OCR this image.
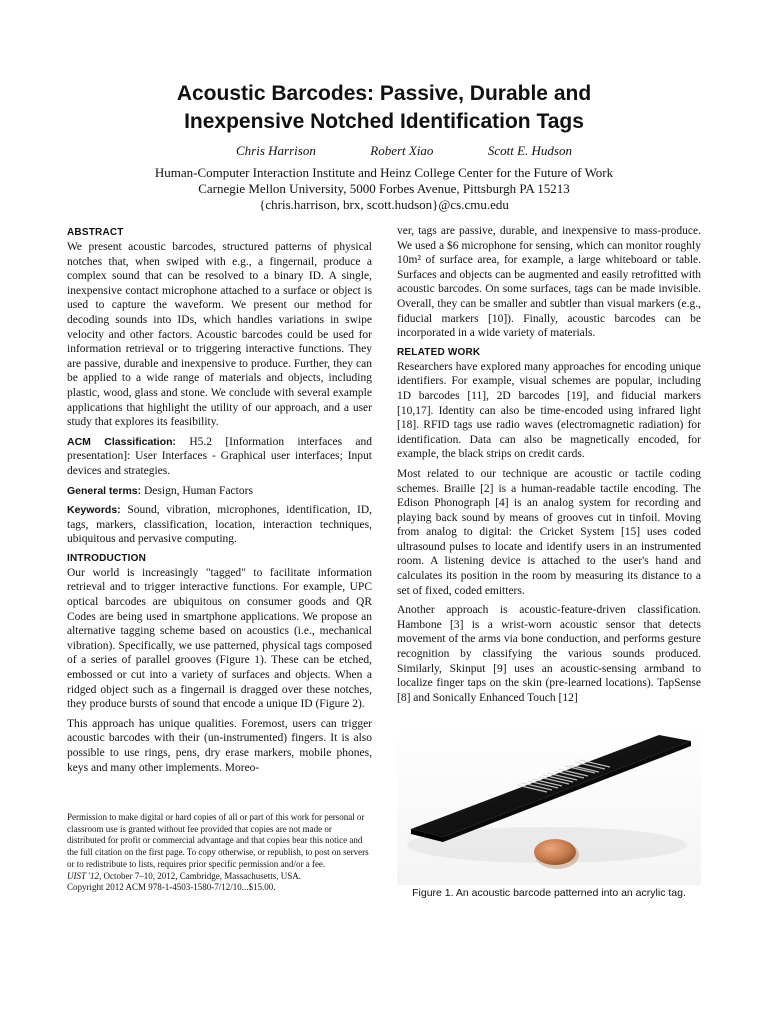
Acoustic Barcodes: Passive, Durable and
Inexpensive Notched Identification Tags
Chris Harrison	Robert Xiao	Scott E. Hudson
Human-Computer Interaction Institute and Heinz College Center for the Future of Work
Carnegie Mellon University, 5000 Forbes Avenue, Pittsburgh PA 15213
{chris.harrison, brx, scott.hudson}@cs.cmu.edu
ABSTRACT

We present acoustic barcodes, structured patterns of physical notches that, when swiped with e.g., a fingernail, produce a complex sound that can be resolved to a binary ID. A single, inexpensive contact microphone attached to a surface or object is used to capture the waveform. We present our method for decoding sounds into IDs, which handles variations in swipe velocity and other factors. Acoustic barcodes could be used for information retrieval or to triggering interactive functions. They are passive, durable and inexpensive to produce. Further, they can be applied to a wide range of materials and objects, including plastic, wood, glass and stone. We conclude with several example applications that highlight the utility of our approach, and a user study that explores its feasibility.

ACM Classification: H5.2 [Information interfaces and presentation]: User Interfaces - Graphical user interfaces; Input devices and strategies.

General terms: Design, Human Factors

Keywords: Sound, vibration, microphones, identification, ID, tags, markers, classification, location, interaction techniques, ubiquitous and pervasive computing.

INTRODUCTION

Our world is increasingly "tagged" to facilitate information retrieval and to trigger interactive functions. For example, UPC optical barcodes are ubiquitous on consumer goods and QR Codes are being used in smartphone applications. We propose an alternative tagging scheme based on acoustics (i.e., mechanical vibration). Specifically, we use patterned, physical tags composed of a series of parallel grooves (Figure 1). These can be etched, embossed or cut into a variety of surfaces and objects. When a ridged object such as a fingernail is dragged over these notches, they produce bursts of sound that encode a unique ID (Figure 2).

This approach has unique qualities. Foremost, users can trigger acoustic barcodes with their (un-instrumented) fingers. It is also possible to use rings, pens, dry erase markers, mobile phones, keys and many other implements. Moreo-

Permission to make digital or hard copies of all or part of this work for personal or classroom use is granted without fee provided that copies are not made or distributed for profit or commercial advantage and that copies bear this notice and the full citation on the first page. To copy otherwise, or republish, to post on servers or to redistribute to lists, requires prior specific permission and/or a fee.

UIST '12, October 7–10, 2012, Cambridge, Massachusetts, USA.

Copyright 2012 ACM 978-1-4503-1580-7/12/10...$15.00.

ver, tags are passive, durable, and inexpensive to mass-produce. We used a $6 microphone for sensing, which can monitor roughly 10m² of surface area, for example, a large whiteboard or table. Surfaces and objects can be augmented and easily retrofitted with acoustic barcodes. On some surfaces, tags can be made invisible. Overall, they can be smaller and subtler than visual markers (e.g., fiducial markers [10]). Finally, acoustic barcodes can be incorporated in a wide variety of materials.

RELATED WORK

Researchers have explored many approaches for encoding unique identifiers. For example, visual schemes are popular, including 1D barcodes [11], 2D barcodes [19], and fiducial markers [10,17]. Identity can also be time-encoded using infrared light [18]. RFID tags use radio waves (electromagnetic radiation) for identification. Data can also be magnetically encoded, for example, the black strips on credit cards.

Most related to our technique are acoustic or tactile coding schemes. Braille [2] is a human-readable tactile encoding. The Edison Phonograph [4] is an analog system for recording and playing back sound by means of grooves cut in tinfoil. Moving from analog to digital: the Cricket System [15] uses coded ultrasound pulses to locate and identify users in an instrumented room. A listening device is attached to the user's hand and calculates its position in the room by measuring its distance to a set of fixed, coded emitters.

Another approach is acoustic-feature-driven classification. Hambone [3] is a wrist-worn acoustic sensor that detects movement of the arms via bone conduction, and performs gesture recognition by classifying the various sounds produced. Similarly, Skinput [9] uses an acoustic-sensing armband to localize finger taps on the skin (pre-learned locations). TapSense [8] and Sonically Enhanced Touch [12]

Figure 1. An acoustic barcode patterned into an acrylic tag.
